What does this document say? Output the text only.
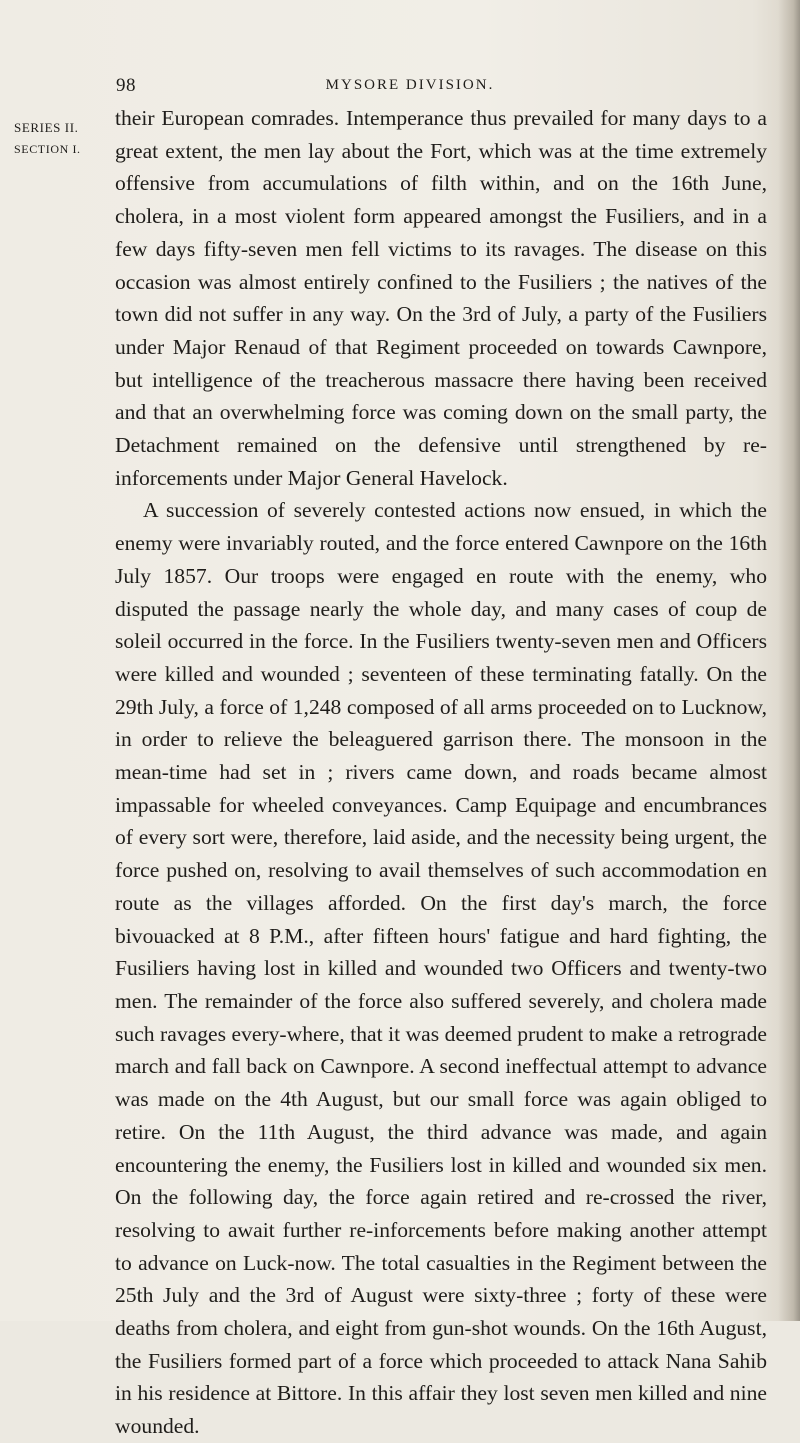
98	MYSORE DIVISION.
SERIES II.
SECTION I.

their European comrades. Intemperance thus prevailed for many days to a great extent, the men lay about the Fort, which was at the time extremely offensive from accumulations of filth within, and on the 16th June, cholera, in a most violent form appeared amongst the Fusiliers, and in a few days fifty-seven men fell victims to its ravages. The disease on this occasion was almost entirely confined to the Fusiliers ; the natives of the town did not suffer in any way. On the 3rd of July, a party of the Fusiliers under Major Renaud of that Regiment proceeded on towards Cawnpore, but intelligence of the treacherous massacre there having been received and that an overwhelming force was coming down on the small party, the Detachment remained on the defensive until strengthened by re-inforcements under Major General Havelock.

A succession of severely contested actions now ensued, in which the enemy were invariably routed, and the force entered Cawnpore on the 16th July 1857. Our troops were engaged en route with the enemy, who disputed the passage nearly the whole day, and many cases of coup de soleil occurred in the force. In the Fusiliers twenty-seven men and Officers were killed and wounded ; seventeen of these terminating fatally. On the 29th July, a force of 1,248 composed of all arms proceeded on to Lucknow, in order to relieve the beleaguered garrison there. The monsoon in the mean-time had set in ; rivers came down, and roads became almost impassable for wheeled conveyances. Camp Equipage and encumbrances of every sort were, therefore, laid aside, and the necessity being urgent, the force pushed on, resolving to avail themselves of such accommodation en route as the villages afforded. On the first day's march, the force bivouacked at 8 P.M., after fifteen hours' fatigue and hard fighting, the Fusiliers having lost in killed and wounded two Officers and twenty-two men. The remainder of the force also suffered severely, and cholera made such ravages every-where, that it was deemed prudent to make a retrograde march and fall back on Cawnpore. A second ineffectual attempt to advance was made on the 4th August, but our small force was again obliged to retire. On the 11th August, the third advance was made, and again encountering the enemy, the Fusiliers lost in killed and wounded six men. On the following day, the force again retired and re-crossed the river, resolving to await further re-inforcements before making another attempt to advance on Luck-now. The total casualties in the Regiment between the 25th July and the 3rd of August were sixty-three ; forty of these were deaths from cholera, and eight from gun-shot wounds. On the 16th August, the Fusiliers formed part of a force which proceeded to attack Nana Sahib in his residence at Bittore. In this affair they lost seven men killed and nine wounded.
